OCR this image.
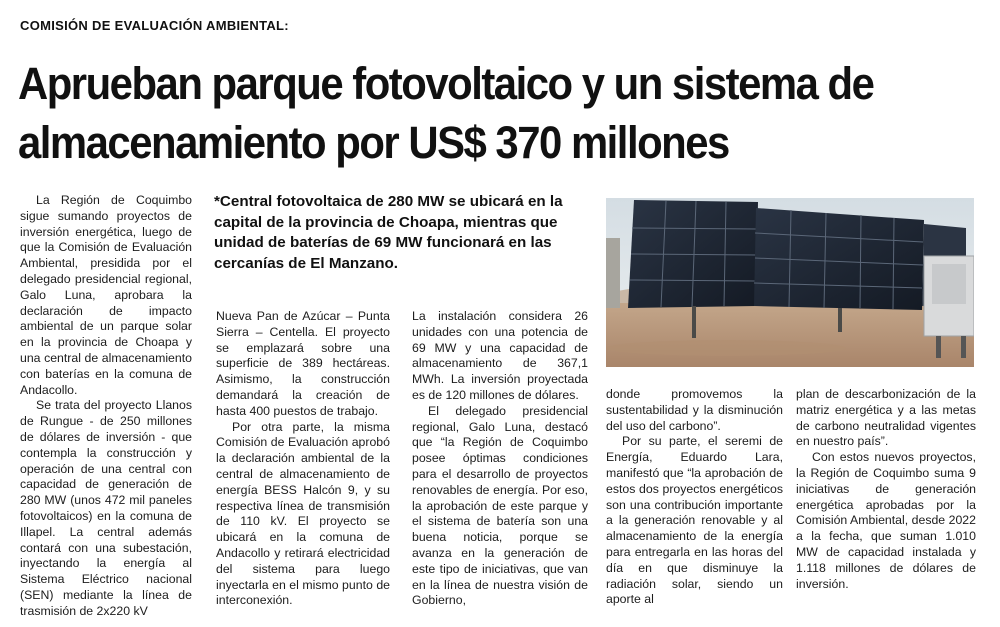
COMISIÓN DE EVALUACIÓN AMBIENTAL:
Aprueban parque fotovoltaico y un sistema de almacenamiento por US$ 370 millones

La Región de Coquimbo sigue sumando proyectos de inversión energética, luego de que la Comisión de Evaluación Ambiental, presidida por el delegado presidencial regional, Galo Luna, aprobara la declaración de impacto ambiental de un parque solar en la provincia de Choapa y una central de almacenamiento con baterías en la comuna de Andacollo.

Se trata del proyecto Llanos de Rungue - de 250 millones de dólares de inversión - que contempla la construcción y operación de una central con capacidad de generación de 280 MW (unos 472 mil paneles fotovoltaicos) en la comuna de Illapel. La central además contará con una subestación, inyectando la energía al Sistema Eléctrico nacional (SEN) mediante la línea de trasmisión de 2x220 kV

*Central fotovoltaica de 280 MW se ubicará en la capital de la provincia de Choapa, mientras que unidad de baterías de 69 MW funcionará en las cercanías de El Manzano.

Nueva Pan de Azúcar – Punta Sierra – Centella. El proyecto se emplazará sobre una superficie de 389 hectáreas. Asimismo, la construcción demandará la creación de hasta 400 puestos de trabajo.

Por otra parte, la misma Comisión de Evaluación aprobó la declaración ambiental de la central de almacenamiento de energía BESS Halcón 9, y su respectiva línea de transmisión de 110 kV. El proyecto se ubicará en la comuna de Andacollo y retirará electricidad del sistema para luego inyectarla en el mismo punto de interconexión.

La instalación considera 26 unidades con una potencia de 69 MW y una capacidad de almacenamiento de 367,1 MWh. La inversión proyectada es de 120 millones de dólares.

El delegado presidencial regional, Galo Luna, destacó que “la Región de Coquimbo posee óptimas condiciones para el desarrollo de proyectos renovables de energía. Por eso, la aprobación de este parque y el sistema de batería son una buena noticia, porque se avanza en la generación de este tipo de iniciativas, que van en la línea de nuestra visión de Gobierno,

donde promovemos la sustentabilidad y la disminución del uso del carbono”.

Por su parte, el seremi de Energía, Eduardo Lara, manifestó que “la aprobación de estos dos proyectos energéticos son una contribución importante a la generación renovable y al almacenamiento de la energía para entregarla en las horas del día en que disminuye la radiación solar, siendo un aporte al

plan de descarbonización de la matriz energética y a las metas de carbono neutralidad vigentes en nuestro país”.

Con estos nuevos proyectos, la Región de Coquimbo suma 9 iniciativas de generación energética aprobadas por la Comisión Ambiental, desde 2022 a la fecha, que suman 1.010 MW de capacidad instalada y 1.118 millones de dólares de inversión.
